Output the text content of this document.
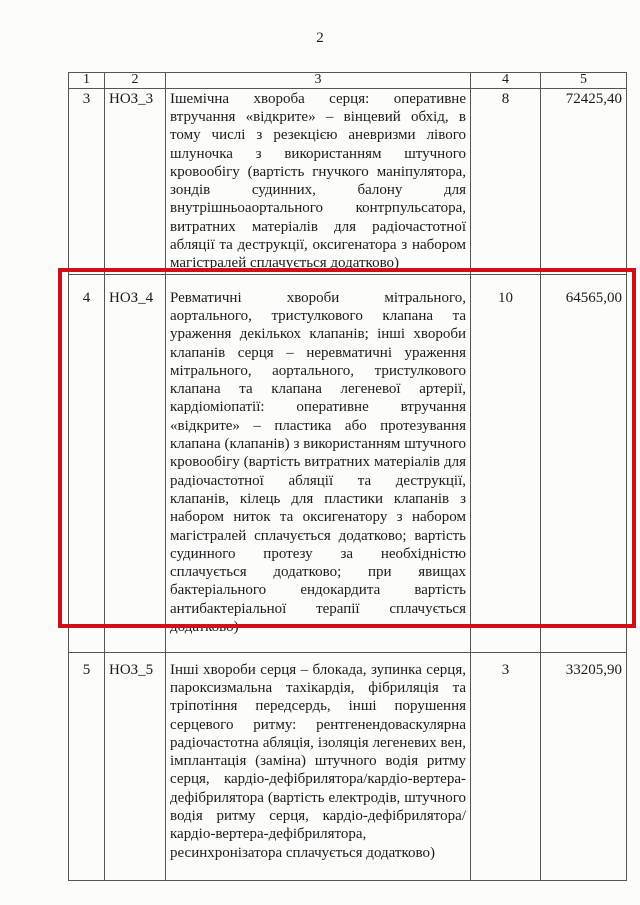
2
1	2	3	4	5
3	НОЗ_3	Ішемічна хвороба серця: оперативне втручання «відкрите» – вінцевий обхід, в тому числі з резекцією аневризми лівого шлуночка з використанням штучного кровообігу (вартість гнучкого маніпулятора, зондів судинних, балону для внутрішньоаортального контрпульсатора, витратних матеріалів для радіочастотної абляції та деструкції, оксигенатора з набором магістралей сплачується додатково)	8	72425,40
4	НОЗ_4	Ревматичні хвороби мітрального, аортального, тристулкового клапана та ураження декількох клапанів; інші хвороби клапанів серця – неревматичні ураження мітрального, аортального, тристулкового клапана та клапана легеневої артерії, кардіоміопатії: оперативне втручання «відкрите» – пластика або протезування клапана (клапанів) з використанням штучного кровообігу (вартість витратних матеріалів для радіочастотної абляції та деструкції, клапанів, кілець для пластики клапанів з набором ниток та оксигенатору з набором магістралей сплачується додатково; вартість судинного протезу за необхідністю сплачується додатково; при явищах бактеріального ендокардита вартість антибактеріальної терапії сплачується додатково)	10	64565,00
5	НОЗ_5	Інші хвороби серця – блокада, зупинка серця, пароксизмальна тахікардія, фібриляція та тріпотіння передсердь, інші порушення серцевого ритму: рентгенендоваскулярна радіочастотна абляція, ізоляція легеневих вен, імплантація (заміна) штучного водія ритму серця, кардіо-дефібрилятора/кардіо-вертера-дефібрилятора (вартість електродів, штучного водія ритму серця, кардіо-дефібрилятора/кардіо-вертера-дефібрилятора, ресинхронізатора сплачується додатково)	3	33205,90
